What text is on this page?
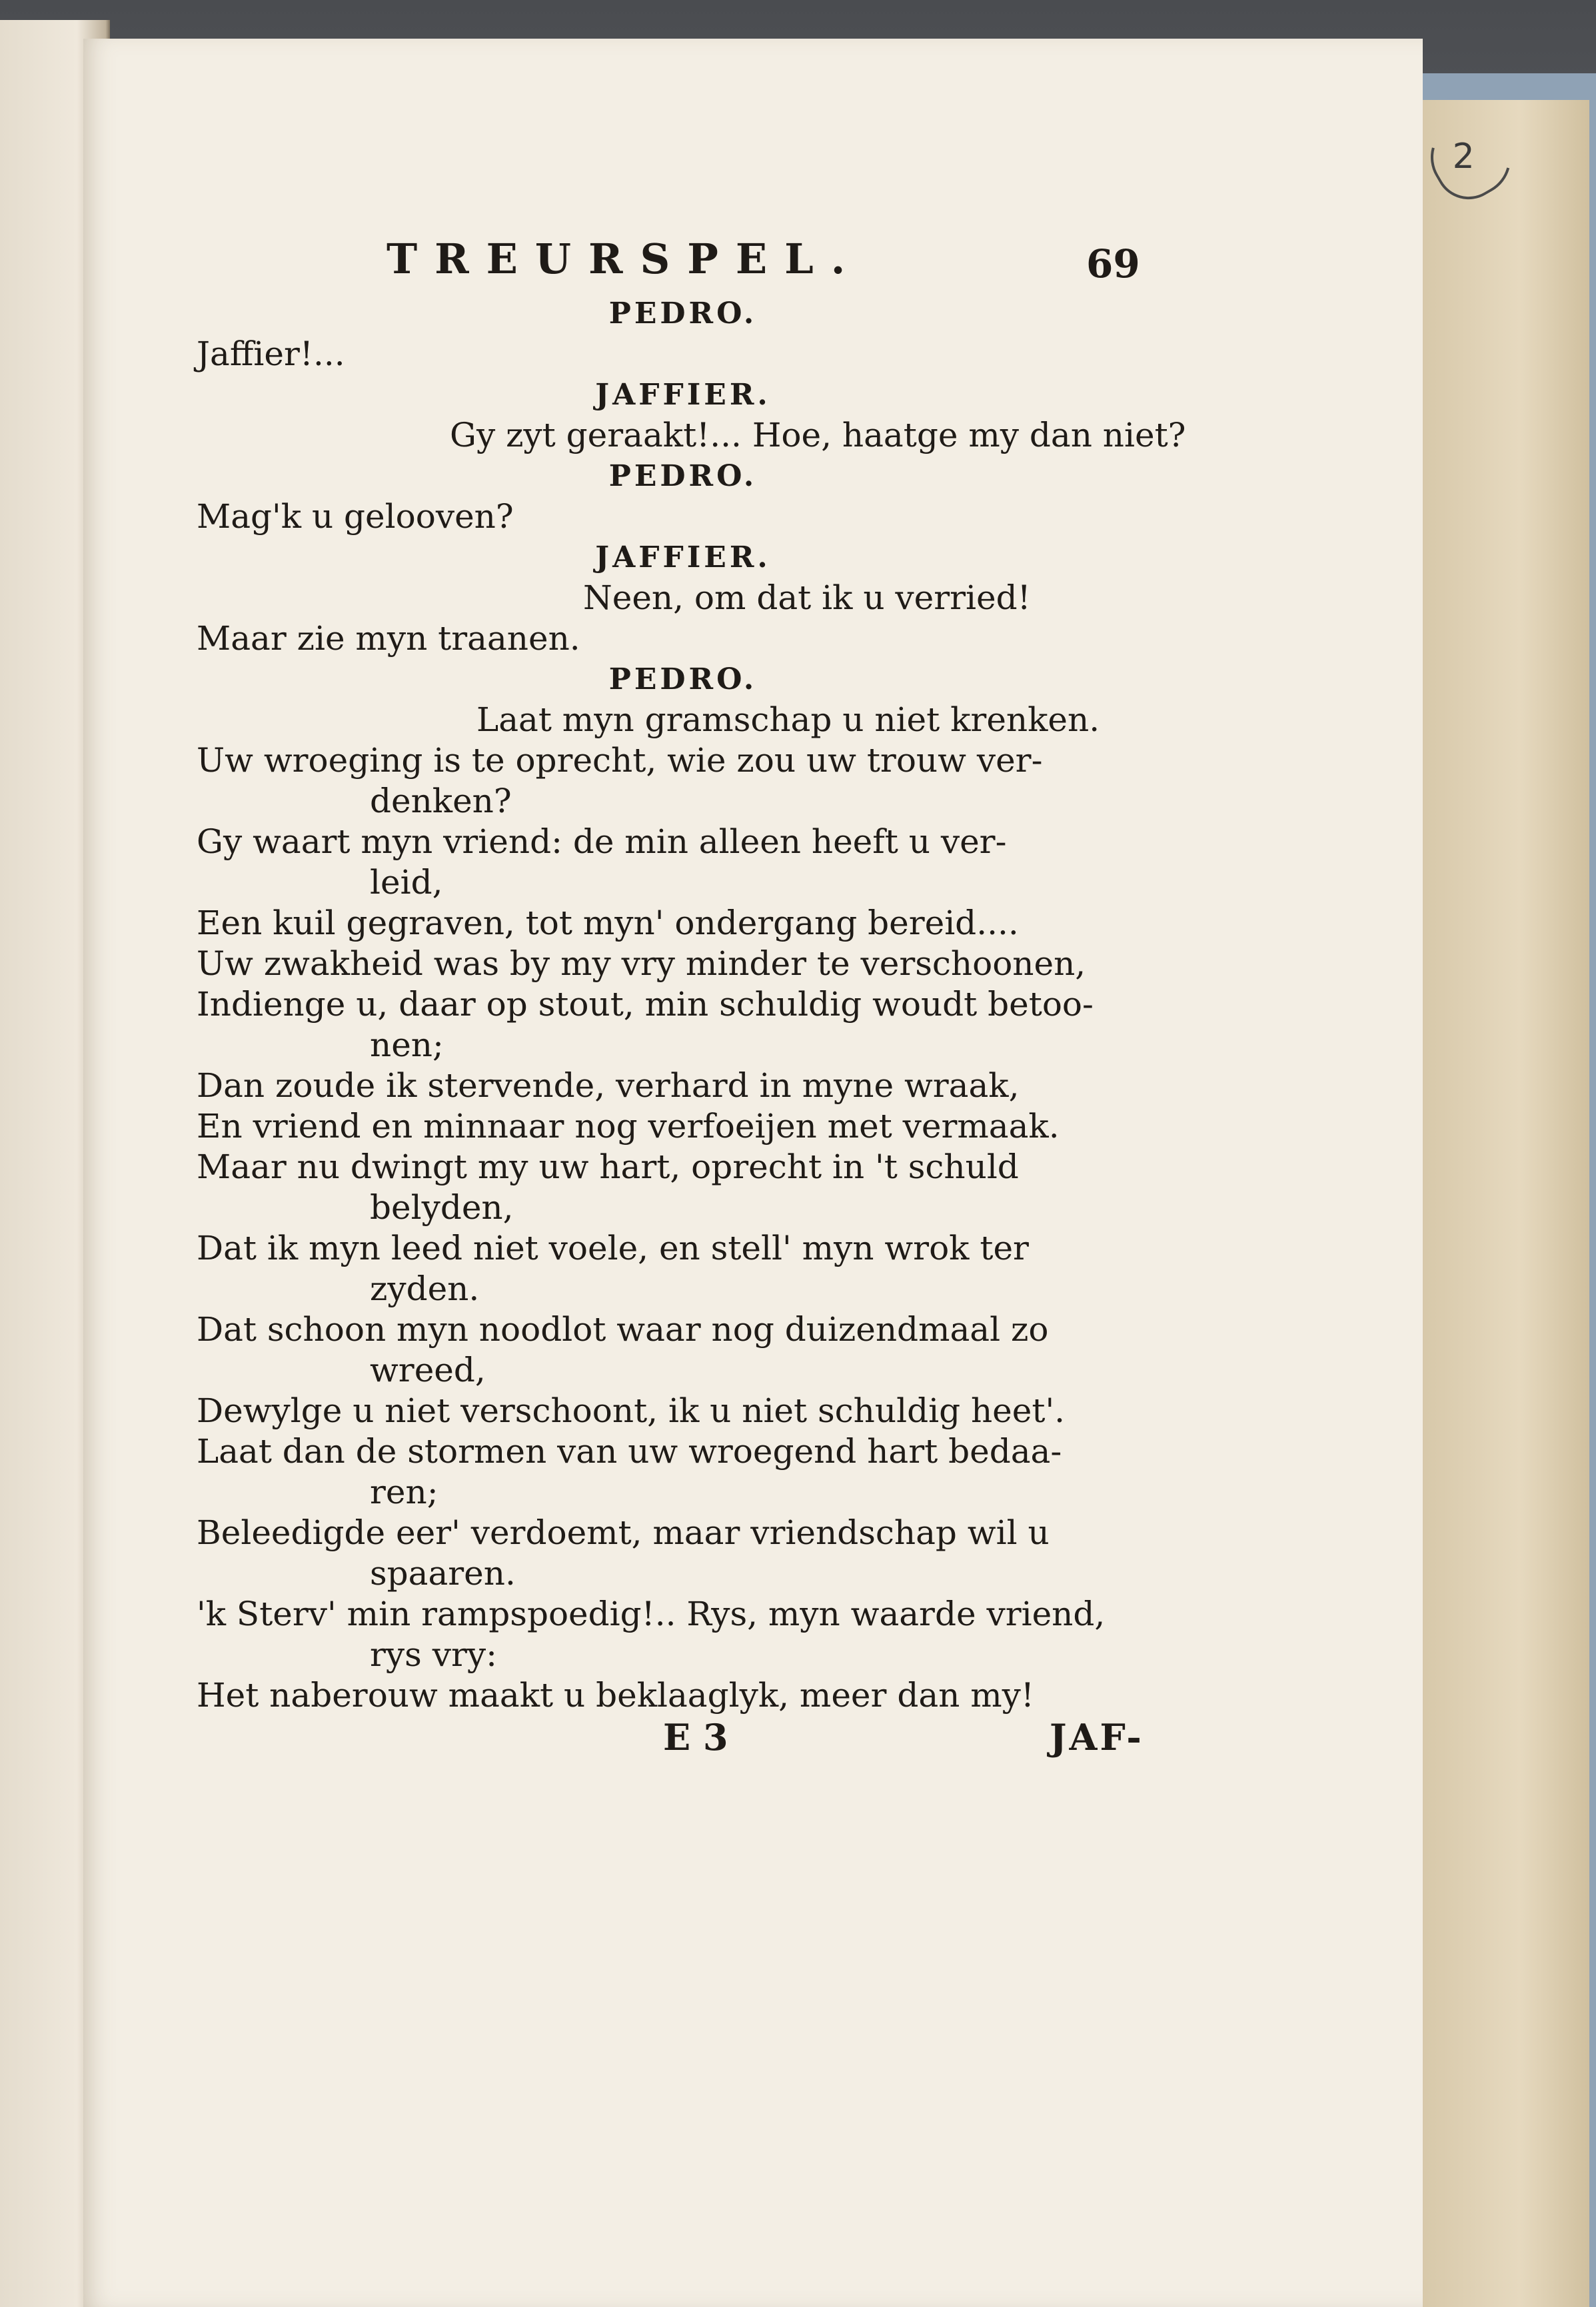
2
TREURSPEL.	69
PEDRO.
Jaffier!...
JAFFIER.
Gy zyt geraakt!... Hoe, haatge my dan niet?
PEDRO.
Mag'k u gelooven?
JAFFIER.
Neen, om dat ik u verried!
Maar zie myn traanen.
PEDRO.
Laat myn gramschap u niet krenken.
Uw wroeging is te oprecht, wie zou uw trouw ver-
denken?
Gy waart myn vriend: de min alleen heeft u ver-
leid,
Een kuil gegraven, tot myn' ondergang bereid....
Uw zwakheid was by my vry minder te verschoonen,
Indienge u, daar op stout, min schuldig woudt betoo-
nen;
Dan zoude ik stervende, verhard in myne wraak,
En vriend en minnaar nog verfoeijen met vermaak.
Maar nu dwingt my uw hart, oprecht in 't schuld
belyden,
Dat ik myn leed niet voele, en stell' myn wrok ter
zyden.
Dat schoon myn noodlot waar nog duizendmaal zo
wreed,
Dewylge u niet verschoont, ik u niet schuldig heet'.
Laat dan de stormen van uw wroegend hart bedaa-
ren;
Beleedigde eer' verdoemt, maar vriendschap wil u
spaaren.
'k Sterv' min rampspoedig!.. Rys, myn waarde vriend,
rys vry:
Het naberouw maakt u beklaaglyk, meer dan my!
E 3	JAF-
